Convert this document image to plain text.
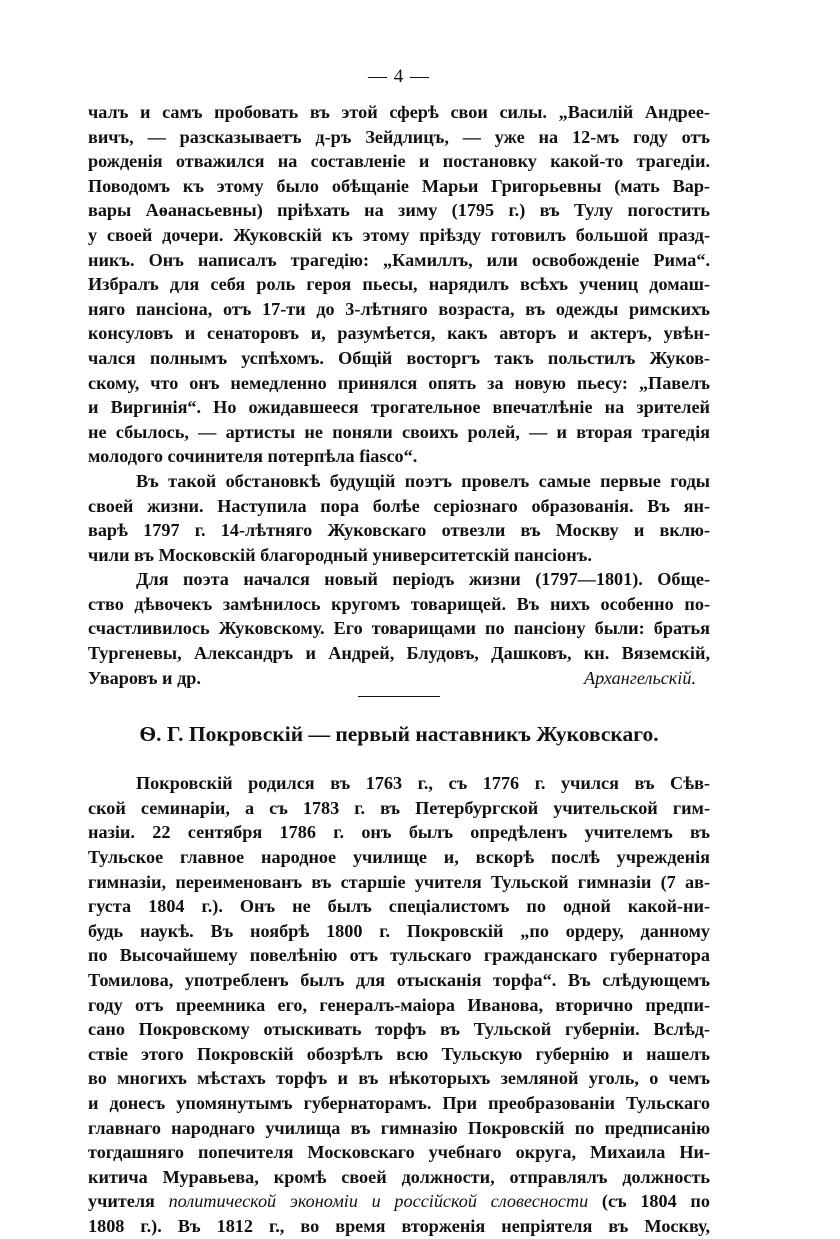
— 4 —
чалъ и самъ пробовать въ этой сферѣ свои силы. „Василій Андрее-
вичъ, — разсказываетъ д-ръ Зейдлицъ, — уже на 12-мъ году отъ
рожденія отважился на составленіе и постановку какой-то трагедіи.
Поводомъ къ этому было обѣщаніе Марьи Григорьевны (мать Вар-
вары Аѳанасьевны) пріѣхать на зиму (1795 г.) въ Тулу погостить
у своей дочери. Жуковскій къ этому пріѣзду готовилъ большой празд-
никъ. Онъ написалъ трагедію: „Камиллъ, или освобожденіе Рима“.
Избралъ для себя роль героя пьесы, нарядилъ всѣхъ учениц домаш-
няго пансіона, отъ 17-ти до 3-лѣтняго возраста, въ одежды римскихъ
консуловъ и сенаторовъ и, разумѣется, какъ авторъ и актеръ, увѣн-
чался полнымъ успѣхомъ. Общій восторгъ такъ польстилъ Жуков-
скому, что онъ немедленно принялся опять за новую пьесу: „Павелъ
и Виргинія“. Но ожидавшееся трогательное впечатлѣніе на зрителей
не сбылось, — артисты не поняли своихъ ролей, — и вторая трагедія
молодого сочинителя потерпѣла fiasco“.
Въ такой обстановкѣ будущій поэтъ провелъ самые первые годы
своей жизни. Наступила пора болѣе серіознаго образованія. Въ ян-
варѣ 1797 г. 14-лѣтняго Жуковскаго отвезли въ Москву и вклю-
чили въ Московскій благородный университетскій пансіонъ.
Для поэта начался новый періодъ жизни (1797—1801). Обще-
ство дѣвочекъ замѣнилось кругомъ товарищей. Въ нихъ особенно по-
счастливилось Жуковскому. Его товарищами по пансіону были: братья
Тургеневы, Александръ и Андрей, Блудовъ, Дашковъ, кн. Вяземскій,
Уваровъ и др.	Архангельскій.
Ѳ. Г. Покровскій — первый наставникъ Жуковскаго.
Покровскій родился въ 1763 г., съ 1776 г. учился въ Сѣв-
ской семинаріи, а съ 1783 г. въ Петербургской учительской гим-
назіи. 22 сентября 1786 г. онъ былъ опредѣленъ учителемъ въ
Тульское главное народное училище и, вскорѣ послѣ учрежденія
гимназіи, переименованъ въ старшіе учителя Тульской гимназіи (7 ав-
густа 1804 г.). Онъ не былъ спеціалистомъ по одной какой-ни-
будь наукѣ. Въ ноябрѣ 1800 г. Покровскій „по ордеру, данному
по Высочайшему повелѣнію отъ тульскаго гражданскаго губернатора
Томилова, употребленъ былъ для отысканія торфа“. Въ слѣдующемъ
году отъ преемника его, генералъ-маіора Иванова, вторично предпи-
сано Покровскому отыскивать торфъ въ Тульской губерніи. Вслѣд-
ствіе этого Покровскій обозрѣлъ всю Тульскую губернію и нашелъ
во многихъ мѣстахъ торфъ и въ нѣкоторыхъ земляной уголь, о чемъ
и донесъ упомянутымъ губернаторамъ. При преобразованіи Тульскаго
главнаго народнаго училища въ гимназію Покровскій по предписанію
тогдашняго попечителя Московскаго учебнаго округа, Михаила Ни-
китича Муравьева, кромѣ своей должности, отправлялъ должность
учителя политической экономіи и россійской словесности (съ 1804 по
1808 г.). Въ 1812 г., во время вторженія непріятеля въ Москву,
